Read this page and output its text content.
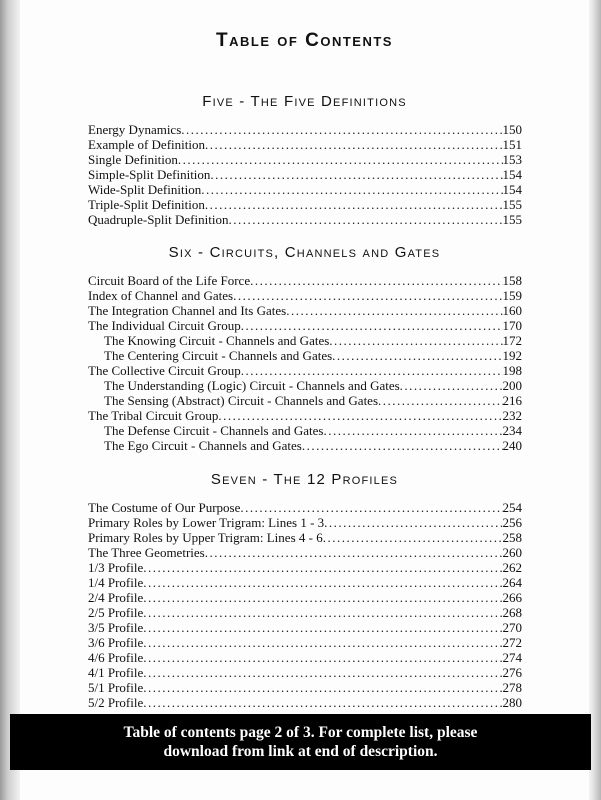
Table of Contents
Five - The Five Definitions
Energy Dynamics .....	150
Example of Definition .....	151
Single Definition .....	153
Simple-Split Definition .....	154
Wide-Split Definition .....	154
Triple-Split Definition .....	155
Quadruple-Split Definition .....	155
Six - Circuits, Channels and Gates
Circuit Board of the Life Force .....	158
Index of Channel and Gates .....	159
The Integration Channel and Its Gates .....	160
The Individual Circuit Group .....	170
The Knowing Circuit - Channels and Gates .....	172
The Centering Circuit - Channels and Gates .....	192
The Collective Circuit Group .....	198
The Understanding (Logic) Circuit - Channels and Gates .....	200
The Sensing (Abstract) Circuit - Channels and Gates .....	216
The Tribal Circuit Group .....	232
The Defense Circuit - Channels and Gates .....	234
The Ego Circuit - Channels and Gates .....	240
Seven - The 12 Profiles
The Costume of Our Purpose .....	254
Primary Roles by Lower Trigram: Lines 1 - 3 .....	256
Primary Roles by Upper Trigram: Lines 4 - 6 .....	258
The Three Geometries .....	260
1/3 Profile .....	262
1/4 Profile .....	264
2/4 Profile .....	266
2/5 Profile .....	268
3/5 Profile .....	270
3/6 Profile .....	272
4/6 Profile .....	274
4/1 Profile .....	276
5/1 Profile .....	278
5/2 Profile .....	280
Table of contents page 2 of 3. For complete list, please
download from link at end of description.
